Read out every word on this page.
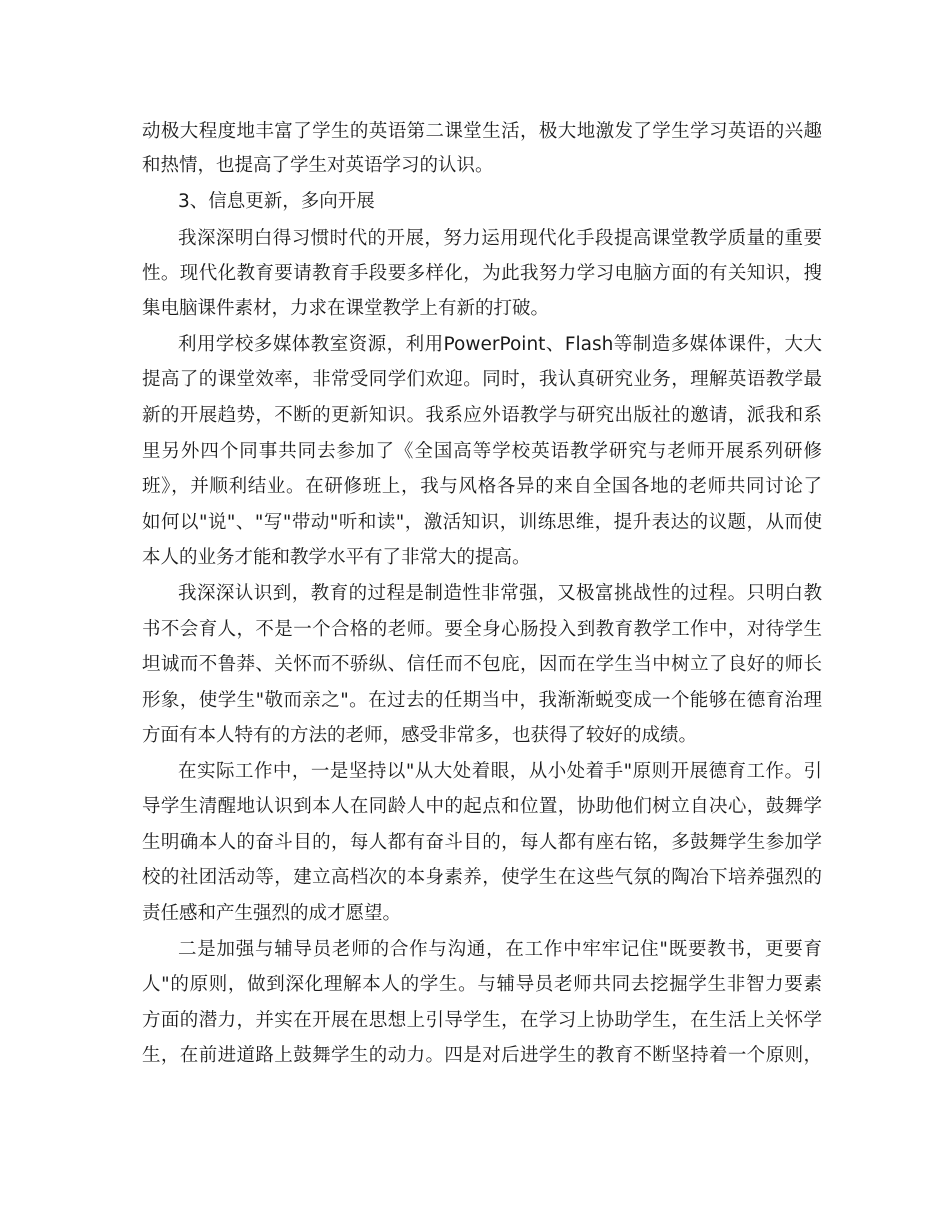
动极大程度地丰富了学生的英语第二课堂生活，极大地激发了学生学习英语的兴趣
和热情，也提高了学生对英语学习的认识。
3、信息更新，多向开展
我深深明白得习惯时代的开展，努力运用现代化手段提高课堂教学质量的重要
性。现代化教育要请教育手段要多样化，为此我努力学习电脑方面的有关知识，搜
集电脑课件素材，力求在课堂教学上有新的打破。
利用学校多媒体教室资源，利用PowerPoint、Flash等制造多媒体课件，大大
提高了的课堂效率，非常受同学们欢迎。同时，我认真研究业务，理解英语教学最
新的开展趋势，不断的更新知识。我系应外语教学与研究出版社的邀请，派我和系
里另外四个同事共同去参加了《全国高等学校英语教学研究与老师开展系列研修
班》，并顺利结业。在研修班上，我与风格各异的来自全国各地的老师共同讨论了
如何以"说"、"写"带动"听和读"，激活知识，训练思维，提升表达的议题，从而使
本人的业务才能和教学水平有了非常大的提高。
我深深认识到，教育的过程是制造性非常强，又极富挑战性的过程。只明白教
书不会育人，不是一个合格的老师。要全身心肠投入到教育教学工作中，对待学生
坦诚而不鲁莽、关怀而不骄纵、信任而不包庇，因而在学生当中树立了良好的师长
形象，使学生"敬而亲之"。在过去的任期当中，我渐渐蜕变成一个能够在德育治理
方面有本人特有的方法的老师，感受非常多，也获得了较好的成绩。
在实际工作中，一是坚持以"从大处着眼，从小处着手"原则开展德育工作。引
导学生清醒地认识到本人在同龄人中的起点和位置，协助他们树立自决心，鼓舞学
生明确本人的奋斗目的，每人都有奋斗目的，每人都有座右铭，多鼓舞学生参加学
校的社团活动等，建立高档次的本身素养，使学生在这些气氛的陶冶下培养强烈的
责任感和产生强烈的成才愿望。
二是加强与辅导员老师的合作与沟通，在工作中牢牢记住"既要教书，更要育
人"的原则，做到深化理解本人的学生。与辅导员老师共同去挖掘学生非智力要素
方面的潜力，并实在开展在思想上引导学生，在学习上协助学生，在生活上关怀学
生，在前进道路上鼓舞学生的动力。四是对后进学生的教育不断坚持着一个原则，
